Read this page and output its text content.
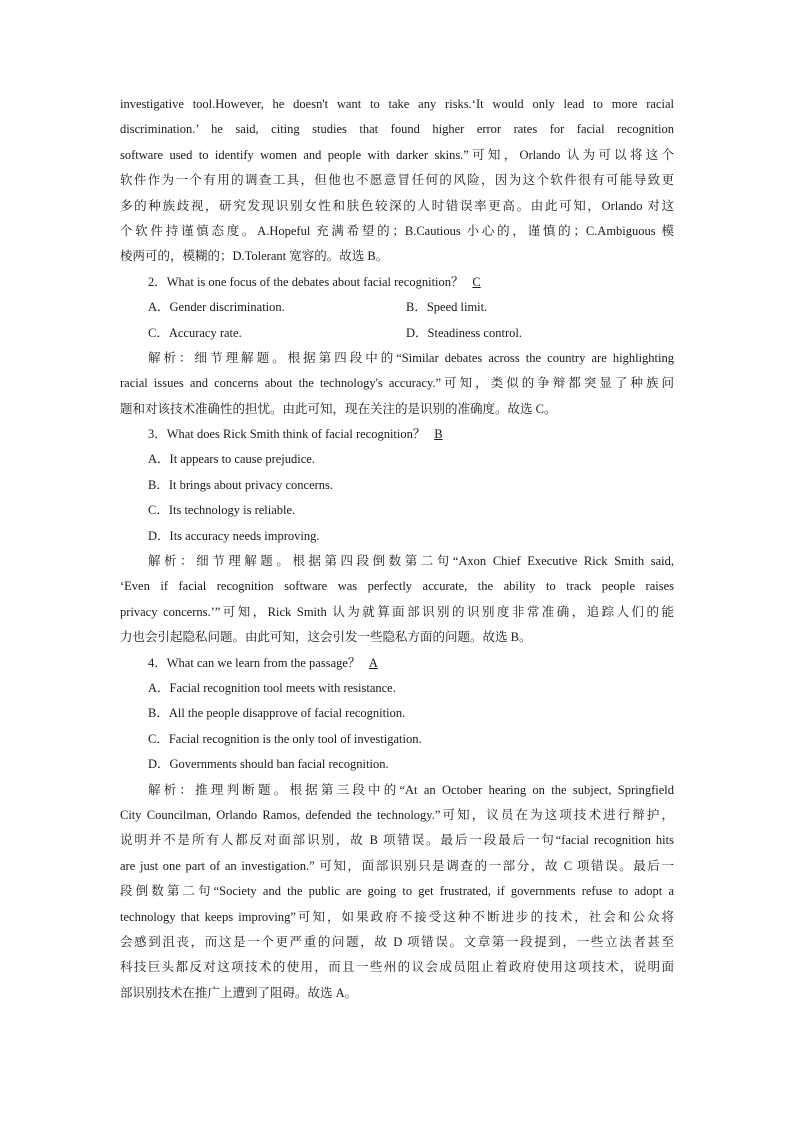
investigative tool.However, he doesn't want to take any risks.‘It would only lead to more racial
discrimination.’ he said, citing studies that found higher error rates for facial recognition
software used to identify women and people with darker skins.”可知，Orlando 认为可以将这个
软件作为一个有用的调查工具，但他也不愿意冒任何的风险，因为这个软件很有可能导致更
多的种族歧视，研究发现识别女性和肤色较深的人时错误率更高。由此可知，Orlando 对这
个软件持谨慎态度。A.Hopeful 充满希望的；B.Cautious 小心的，谨慎的；C.Ambiguous 模
棱两可的，模糊的；D.Tolerant 宽容的。故选 B。
2．What is one focus of the debates about facial recognition？ C
A．Gender discrimination.	B．Speed limit.
C．Accuracy rate.	D．Steadiness control.
解析：细节理解题。根据第四段中的“Similar debates across the country are highlighting
racial issues and concerns about the technology's accuracy.”可知，类似的争辩都突显了种族问
题和对该技术准确性的担忧。由此可知，现在关注的是识别的准确度。故选 C。
3．What does Rick Smith think of facial recognition？ B
A．It appears to cause prejudice.
B．It brings about privacy concerns.
C．Its technology is reliable.
D．Its accuracy needs improving.
解析：细节理解题。根据第四段倒数第二句“Axon Chief Executive Rick Smith said,
‘Even if facial recognition software was perfectly accurate, the ability to track people raises
privacy concerns.’”可知，Rick Smith 认为就算面部识别的识别度非常准确，追踪人们的能
力也会引起隐私问题。由此可知，这会引发一些隐私方面的问题。故选 B。
4．What can we learn from the passage？ A
A．Facial recognition tool meets with resistance.
B．All the people disapprove of facial recognition.
C．Facial recognition is the only tool of investigation.
D．Governments should ban facial recognition.
解析：推理判断题。根据第三段中的“At an October hearing on the subject, Springfield
City Councilman, Orlando Ramos, defended the technology.”可知，议员在为这项技术进行辩护，
说明并不是所有人都反对面部识别，故 B 项错误。最后一段最后一句“facial recognition hits
are just one part of an investigation.” 可知，面部识别只是调查的一部分，故 C 项错误。最后一
段倒数第二句“Society and the public are going to get frustrated, if governments refuse to adopt a
technology that keeps improving”可知，如果政府不接受这种不断进步的技术，社会和公众将
会感到沮丧，而这是一个更严重的问题，故 D 项错误。文章第一段提到，一些立法者甚至
科技巨头都反对这项技术的使用，而且一些州的议会成员阻止着政府使用这项技术，说明面
部识别技术在推广上遭到了阻碍。故选 A。
